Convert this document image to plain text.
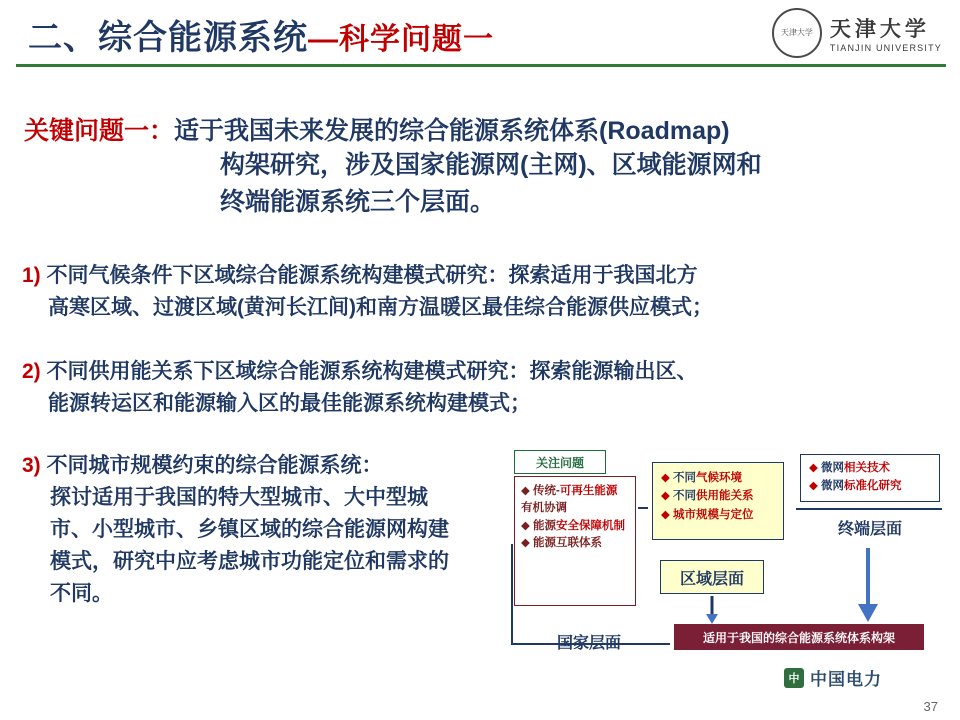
二、综合能源系统—科学问题一	天津大学 天津大学
TIANJIN UNIVERSITY
关键问题一：适于我国未来发展的综合能源系统体系(Roadmap)
构架研究，涉及国家能源网(主网)、区域能源网和
终端能源系统三个层面。
1) 不同气候条件下区域综合能源系统构建模式研究：探索适用于我国北方
高寒区域、过渡区域(黄河长江间)和南方温暖区最佳综合能源供应模式；
2) 不同供用能关系下区域综合能源系统构建模式研究：探索能源输出区、
能源转运区和能源输入区的最佳能源系统构建模式；
3) 不同城市规模约束的综合能源系统：
探讨适用于我国的特大型城市、大中型城市、小型城市、乡镇区域的综合能源网构建模式，研究中应考虑城市功能定位和需求的不同。
关注问题
◆ 传统-可再生能源
有机协调
◆ 能源安全保障机制
◆ 能源互联体系
◆ 不同气候环境
◆ 不同供用能关系
◆ 城市规模与定位
◆ 微网相关技术
◆ 微网标准化研究
终端层面
区域层面
国家层面	适用于我国的综合能源系统体系构架
中 中国电力
37
